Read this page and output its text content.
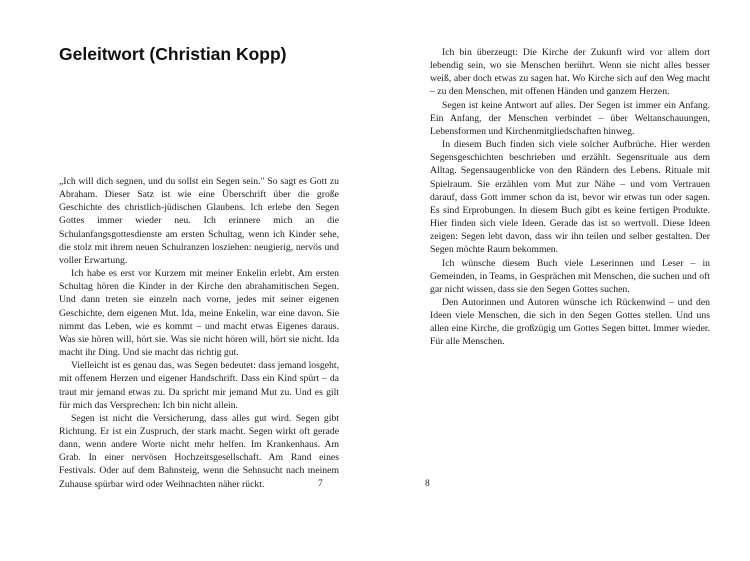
Geleitwort (Christian Kopp)

„Ich will dich segnen, und du sollst ein Segen sein." So sagt es Gott zu Abraham. Dieser Satz ist wie eine Überschrift über die große Geschichte des christlich-jüdischen Glaubens. Ich erlebe den Segen Gottes immer wieder neu. Ich erinnere mich an die Schulanfangsgottesdienste am ersten Schultag, wenn ich Kinder sehe, die stolz mit ihrem neuen Schulranzen losziehen: neugierig, nervös und voller Erwartung.

Ich habe es erst vor Kurzem mit meiner Enkelin erlebt. Am ersten Schultag hören die Kinder in der Kirche den abrahamitischen Segen. Und dann treten sie einzeln nach vorne, jedes mit seiner eigenen Geschichte, dem eigenen Mut. Ida, meine Enkelin, war eine davon. Sie nimmt das Leben, wie es kommt – und macht etwas Eigenes daraus. Was sie hören will, hört sie. Was sie nicht hören will, hört sie nicht. Ida macht ihr Ding. Und sie macht das richtig gut.

Vielleicht ist es genau das, was Segen bedeutet: dass jemand losgeht, mit offenem Herzen und eigener Handschrift. Dass ein Kind spürt – da traut mir jemand etwas zu. Da spricht mir jemand Mut zu. Und es gilt für mich das Versprechen: Ich bin nicht allein.

Segen ist nicht die Versicherung, dass alles gut wird. Segen gibt Richtung. Er ist ein Zuspruch, der stark macht. Segen wirkt oft gerade dann, wenn andere Worte nicht mehr helfen. Im Krankenhaus. Am Grab. In einer nervösen Hochzeitsgesellschaft. Am Rand eines Festivals. Oder auf dem Bahnsteig, wenn die Sehnsucht nach meinem Zuhause spürbar wird oder Weihnachten näher rückt.	7

Ich bin überzeugt: Die Kirche der Zukunft wird vor allem dort lebendig sein, wo sie Menschen berührt. Wenn sie nicht alles besser weiß, aber doch etwas zu sagen hat. Wo Kirche sich auf den Weg macht – zu den Menschen, mit offenen Händen und ganzem Herzen.

Segen ist keine Antwort auf alles. Der Segen ist immer ein Anfang. Ein Anfang, der Menschen verbindet – über Weltanschauungen, Lebensformen und Kirchenmitgliedschaften hinweg.

In diesem Buch finden sich viele solcher Aufbrüche. Hier werden Segensgeschichten beschrieben und erzählt. Segensrituale aus dem Alltag. Segensaugenblicke von den Rändern des Lebens. Rituale mit Spielraum. Sie erzählen vom Mut zur Nähe – und vom Vertrauen darauf, dass Gott immer schon da ist, bevor wir etwas tun oder sagen. Es sind Erprobungen. In diesem Buch gibt es keine fertigen Produkte. Hier finden sich viele Ideen. Gerade das ist so wertvoll. Diese Ideen zeigen: Segen lebt davon, dass wir ihn teilen und selber gestalten. Der Segen möchte Raum bekommen.

Ich wünsche diesem Buch viele Leserinnen und Leser – in Gemeinden, in Teams, in Gesprächen mit Menschen, die suchen und oft gar nicht wissen, dass sie den Segen Gottes suchen.

Den Autorinnen und Autoren wünsche ich Rückenwind – und den Ideen viele Menschen, die sich in den Segen Gottes stellen. Und uns allen eine Kirche, die großzügig um Gottes Segen bittet. Immer wieder. Für alle Menschen.

8
